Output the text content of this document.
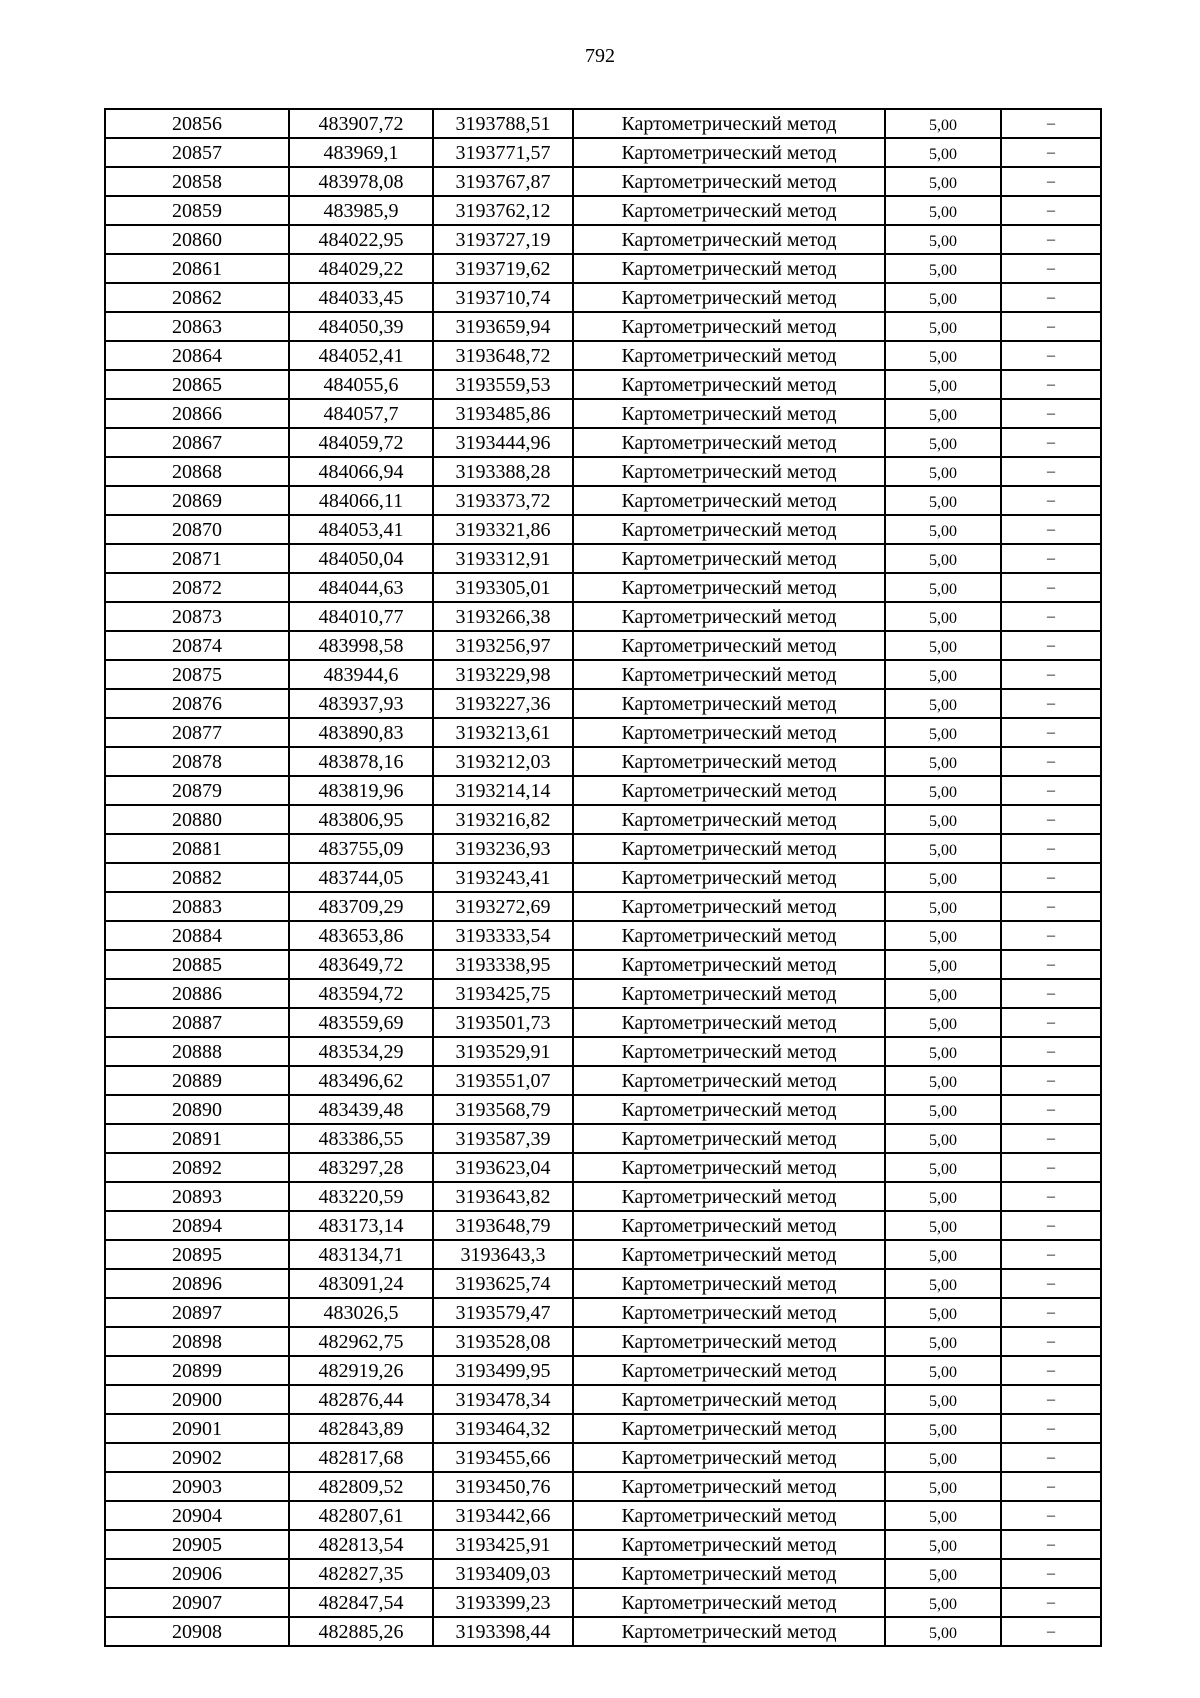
792
20856	483907,72	3193788,51	Картометрический метод	5,00	–
20857	483969,1	3193771,57	Картометрический метод	5,00	–
20858	483978,08	3193767,87	Картометрический метод	5,00	–
20859	483985,9	3193762,12	Картометрический метод	5,00	–
20860	484022,95	3193727,19	Картометрический метод	5,00	–
20861	484029,22	3193719,62	Картометрический метод	5,00	–
20862	484033,45	3193710,74	Картометрический метод	5,00	–
20863	484050,39	3193659,94	Картометрический метод	5,00	–
20864	484052,41	3193648,72	Картометрический метод	5,00	–
20865	484055,6	3193559,53	Картометрический метод	5,00	–
20866	484057,7	3193485,86	Картометрический метод	5,00	–
20867	484059,72	3193444,96	Картометрический метод	5,00	–
20868	484066,94	3193388,28	Картометрический метод	5,00	–
20869	484066,11	3193373,72	Картометрический метод	5,00	–
20870	484053,41	3193321,86	Картометрический метод	5,00	–
20871	484050,04	3193312,91	Картометрический метод	5,00	–
20872	484044,63	3193305,01	Картометрический метод	5,00	–
20873	484010,77	3193266,38	Картометрический метод	5,00	–
20874	483998,58	3193256,97	Картометрический метод	5,00	–
20875	483944,6	3193229,98	Картометрический метод	5,00	–
20876	483937,93	3193227,36	Картометрический метод	5,00	–
20877	483890,83	3193213,61	Картометрический метод	5,00	–
20878	483878,16	3193212,03	Картометрический метод	5,00	–
20879	483819,96	3193214,14	Картометрический метод	5,00	–
20880	483806,95	3193216,82	Картометрический метод	5,00	–
20881	483755,09	3193236,93	Картометрический метод	5,00	–
20882	483744,05	3193243,41	Картометрический метод	5,00	–
20883	483709,29	3193272,69	Картометрический метод	5,00	–
20884	483653,86	3193333,54	Картометрический метод	5,00	–
20885	483649,72	3193338,95	Картометрический метод	5,00	–
20886	483594,72	3193425,75	Картометрический метод	5,00	–
20887	483559,69	3193501,73	Картометрический метод	5,00	–
20888	483534,29	3193529,91	Картометрический метод	5,00	–
20889	483496,62	3193551,07	Картометрический метод	5,00	–
20890	483439,48	3193568,79	Картометрический метод	5,00	–
20891	483386,55	3193587,39	Картометрический метод	5,00	–
20892	483297,28	3193623,04	Картометрический метод	5,00	–
20893	483220,59	3193643,82	Картометрический метод	5,00	–
20894	483173,14	3193648,79	Картометрический метод	5,00	–
20895	483134,71	3193643,3	Картометрический метод	5,00	–
20896	483091,24	3193625,74	Картометрический метод	5,00	–
20897	483026,5	3193579,47	Картометрический метод	5,00	–
20898	482962,75	3193528,08	Картометрический метод	5,00	–
20899	482919,26	3193499,95	Картометрический метод	5,00	–
20900	482876,44	3193478,34	Картометрический метод	5,00	–
20901	482843,89	3193464,32	Картометрический метод	5,00	–
20902	482817,68	3193455,66	Картометрический метод	5,00	–
20903	482809,52	3193450,76	Картометрический метод	5,00	–
20904	482807,61	3193442,66	Картометрический метод	5,00	–
20905	482813,54	3193425,91	Картометрический метод	5,00	–
20906	482827,35	3193409,03	Картометрический метод	5,00	–
20907	482847,54	3193399,23	Картометрический метод	5,00	–
20908	482885,26	3193398,44	Картометрический метод	5,00	–
